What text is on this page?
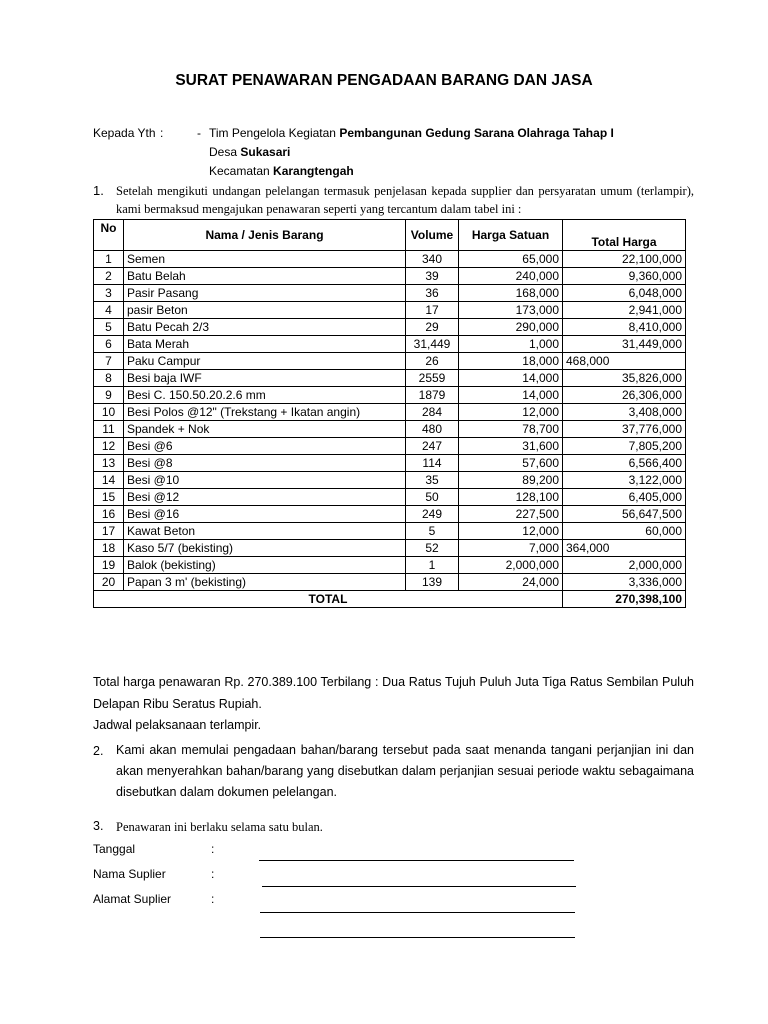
SURAT PENAWARAN PENGADAAN BARANG DAN JASA
Kepada Yth :	- Tim Pengelola Kegiatan Pembangunan Gedung Sarana Olahraga Tahap I
Desa Sukasari
Kecamatan Karangtengah
1. Setelah mengikuti undangan pelelangan termasuk penjelasan kepada supplier dan persyaratan umum (terlampir), kami bermaksud mengajukan penawaran seperti yang tercantum dalam tabel ini :
No	Nama / Jenis Barang	Volume	Harga Satuan	Total Harga
1	Semen	340	65,000	22,100,000
2	Batu Belah	39	240,000	9,360,000
3	Pasir Pasang	36	168,000	6,048,000
4	pasir Beton	17	173,000	2,941,000
5	Batu Pecah 2/3	29	290,000	8,410,000
6	Bata Merah	31,449	1,000	31,449,000
7	Paku Campur	26	18,000	468,000
8	Besi baja IWF	2559	14,000	35,826,000
9	Besi C. 150.50.20.2.6 mm	1879	14,000	26,306,000
10	Besi Polos @12" (Trekstang + Ikatan angin)	284	12,000	3,408,000
11	Spandek + Nok	480	78,700	37,776,000
12	Besi @6	247	31,600	7,805,200
13	Besi @8	114	57,600	6,566,400
14	Besi @10	35	89,200	3,122,000
15	Besi @12	50	128,100	6,405,000
16	Besi @16	249	227,500	56,647,500
17	Kawat Beton	5	12,000	60,000
18	Kaso 5/7 (bekisting)	52	7,000	364,000
19	Balok (bekisting)	1	2,000,000	2,000,000
20	Papan 3 m' (bekisting)	139	24,000	3,336,000
TOTAL				270,398,100
Total harga penawaran Rp. 270.389.100 Terbilang : Dua Ratus Tujuh Puluh Juta Tiga Ratus Sembilan Puluh Delapan Ribu Seratus Rupiah.
Jadwal pelaksanaan terlampir.
2. Kami akan memulai pengadaan bahan/barang tersebut pada saat menanda tangani perjanjian ini dan akan menyerahkan bahan/barang yang disebutkan dalam perjanjian sesuai periode waktu sebagaimana disebutkan dalam dokumen pelelangan.
3. Penawaran ini berlaku selama satu bulan.
Tanggal	:
Nama Suplier	:
Alamat Suplier	:
